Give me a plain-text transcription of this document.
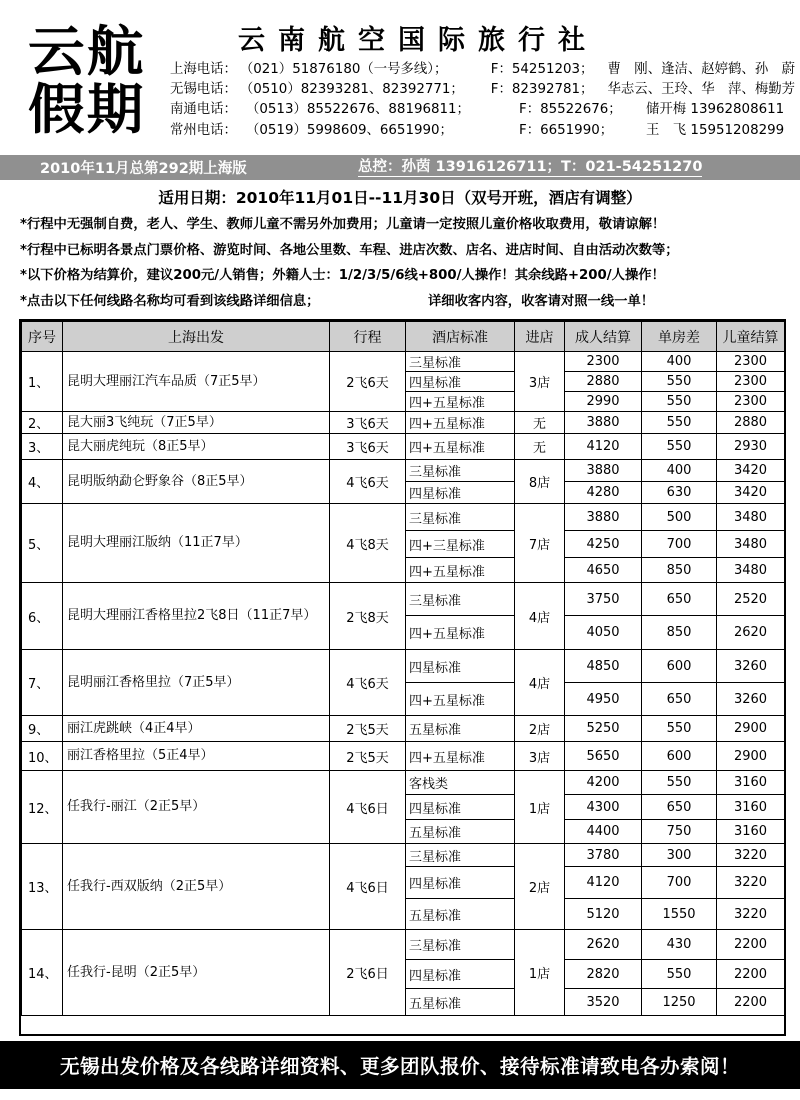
云航
假期
云南航空国际旅行社
上海电话： （021）51876180（一号多线）；	F：54251203；	曹　刚、逢洁、赵婷鹤、孙　蔚
无锡电话： （0510）82393281、82392771；	F：82392781；	华志云、王玲、华　萍、梅勤芳
南通电话： （0513）85522676、88196811；	F：85522676；	储开梅 13962808611
常州电话： （0519）5998609、6651990；	F：6651990；	王　飞 15951208299
2010年11月总第292期上海版	总控：孙茵 13916126711；T：021-54251270
适用日期：2010年11月01日--11月30日（双号开班，酒店有调整）
*行程中无强制自费，老人、学生、教师儿童不需另外加费用；儿童请一定按照儿童价格收取费用，敬请谅解！
*行程中已标明各景点门票价格、游览时间、各地公里数、车程、进店次数、店名、进店时间、自由活动次数等；
*以下价格为结算价，建议200元/人销售；外籍人士：1/2/3/5/6线+800/人操作！其余线路+200/人操作！
*点击以下任何线路名称均可看到该线路详细信息；	详细收客内容，收客请对照一线一单！
序号	上海出发	行程	酒店标准	进店	成人结算	单房差	儿童结算
1、	昆明大理丽江汽车品质（7正5早）	2飞6天	三星标准	3店	2300	400	2300
			四星标准		2880	550	2300
			四+五星标准		2990	550	2300
2、	昆大丽3飞纯玩（7正5早）	3飞6天	四+五星标准	无	3880	550	2880
3、	昆大丽虎纯玩（8正5早）	3飞6天	四+五星标准	无	4120	550	2930
4、	昆明版纳勐仑野象谷（8正5早）	4飞6天	三星标准	8店	3880	400	3420
			四星标准		4280	630	3420
5、	昆明大理丽江版纳（11正7早）	4飞8天	三星标准	7店	3880	500	3480
			四+三星标准		4250	700	3480
			四+五星标准		4650	850	3480
6、	昆明大理丽江香格里拉2飞8日（11正7早）	2飞8天	三星标准	4店	3750	650	2520
			四+五星标准		4050	850	2620
7、	昆明丽江香格里拉（7正5早）	4飞6天	四星标准	4店	4850	600	3260
			四+五星标准		4950	650	3260
9、	丽江虎跳峡（4正4早）	2飞5天	五星标准	2店	5250	550	2900
10、	丽江香格里拉（5正4早）	2飞5天	四+五星标准	3店	5650	600	2900
12、	任我行-丽江（2正5早）	4飞6日	客栈类	1店	4200	550	3160
			四星标准		4300	650	3160
			五星标准		4400	750	3160
13、	任我行-西双版纳（2正5早）	4飞6日	三星标准	2店	3780	300	3220
			四星标准		4120	700	3220
			五星标准		5120	1550	3220
14、	任我行-昆明（2正5早）	2飞6日	三星标准	1店	2620	430	2200
			四星标准		2820	550	2200
			五星标准		3520	1250	2200
无锡出发价格及各线路详细资料、更多团队报价、接待标准请致电各办索阅！
